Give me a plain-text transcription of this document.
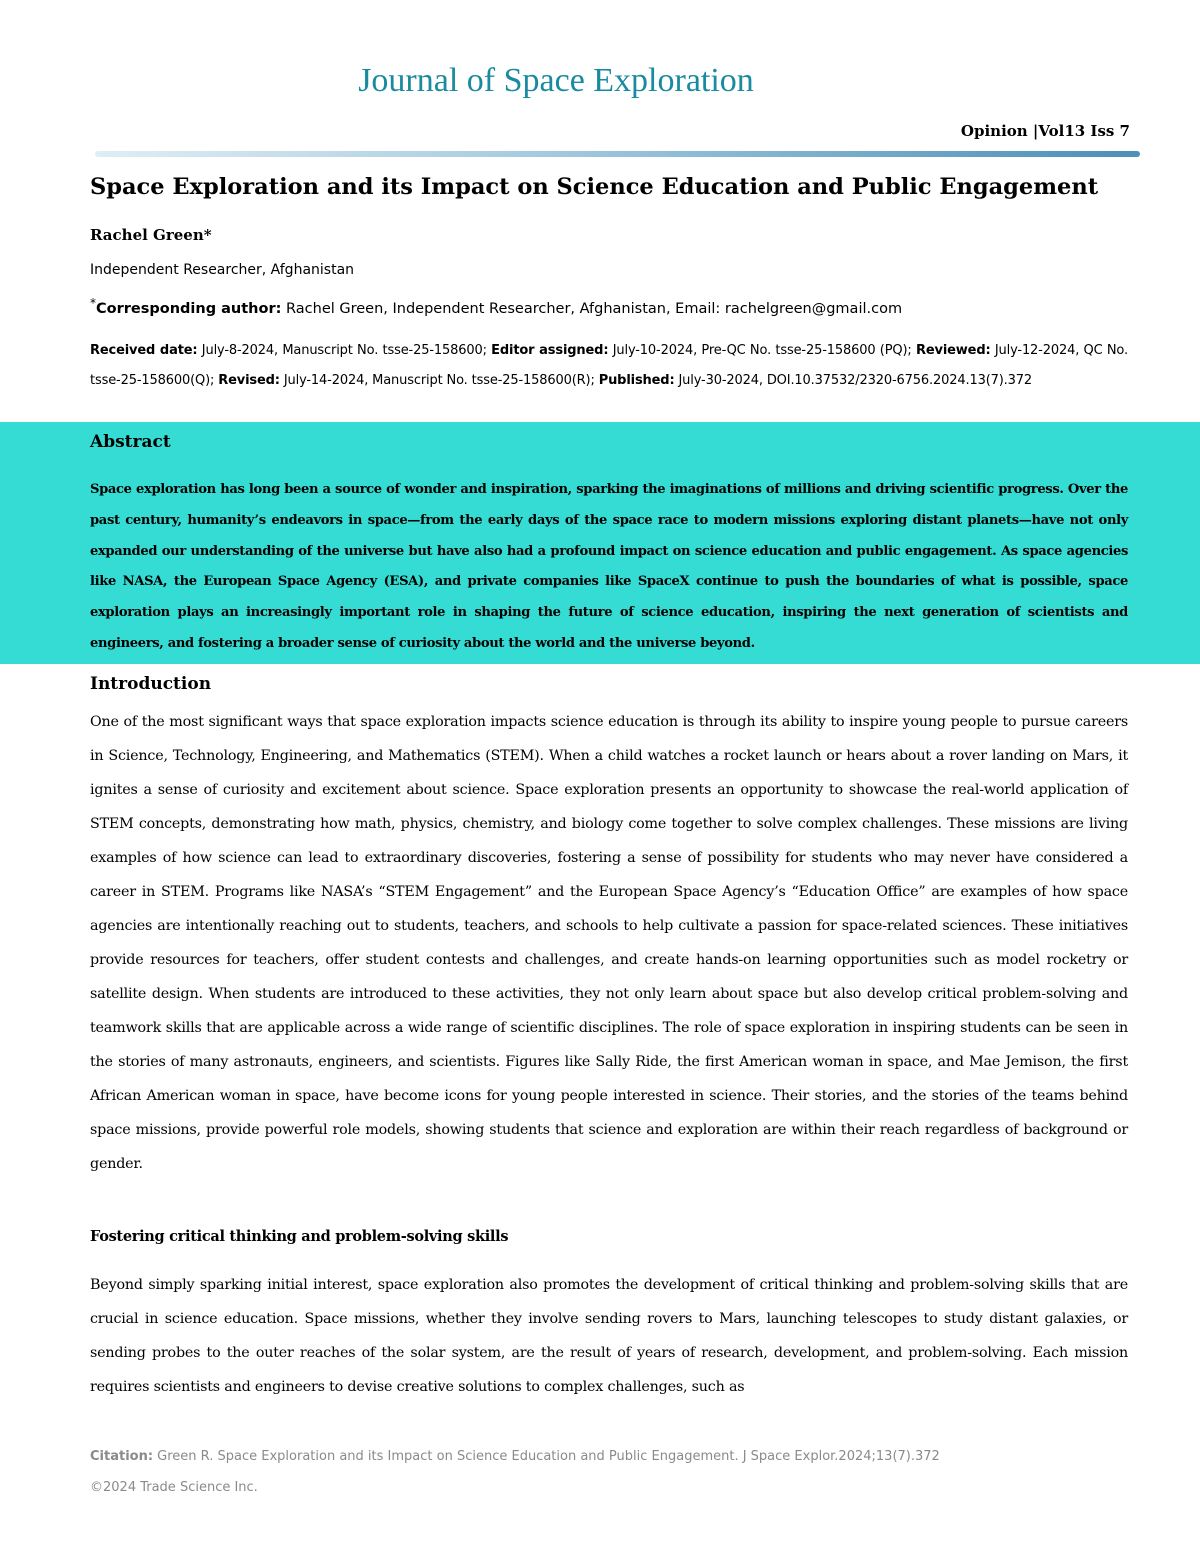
Journal of Space Exploration
Opinion |Vol13 Iss 7
Space Exploration and its Impact on Science Education and Public Engagement
Rachel Green*
Independent Researcher, Afghanistan
*Corresponding author: Rachel Green, Independent Researcher, Afghanistan, Email: rachelgreen@gmail.com
Received date: July-8-2024, Manuscript No. tsse-25-158600; Editor assigned: July-10-2024, Pre-QC No. tsse-25-158600 (PQ); Reviewed: July-12-2024, QC No. tsse-25-158600(Q); Revised: July-14-2024, Manuscript No. tsse-25-158600(R); Published: July-30-2024, DOI.10.37532/2320-6756.2024.13(7).372
Abstract
Space exploration has long been a source of wonder and inspiration, sparking the imaginations of millions and driving scientific progress. Over the past century, humanity’s endeavors in space—from the early days of the space race to modern missions exploring distant planets—have not only expanded our understanding of the universe but have also had a profound impact on science education and public engagement. As space agencies like NASA, the European Space Agency (ESA), and private companies like SpaceX continue to push the boundaries of what is possible, space exploration plays an increasingly important role in shaping the future of science education, inspiring the next generation of scientists and engineers, and fostering a broader sense of curiosity about the world and the universe beyond.
Introduction
One of the most significant ways that space exploration impacts science education is through its ability to inspire young people to pursue careers in Science, Technology, Engineering, and Mathematics (STEM). When a child watches a rocket launch or hears about a rover landing on Mars, it ignites a sense of curiosity and excitement about science. Space exploration presents an opportunity to showcase the real-world application of STEM concepts, demonstrating how math, physics, chemistry, and biology come together to solve complex challenges. These missions are living examples of how science can lead to extraordinary discoveries, fostering a sense of possibility for students who may never have considered a career in STEM. Programs like NASA’s “STEM Engagement” and the European Space Agency’s “Education Office” are examples of how space agencies are intentionally reaching out to students, teachers, and schools to help cultivate a passion for space-related sciences. These initiatives provide resources for teachers, offer student contests and challenges, and create hands-on learning opportunities such as model rocketry or satellite design. When students are introduced to these activities, they not only learn about space but also develop critical problem-solving and teamwork skills that are applicable across a wide range of scientific disciplines. The role of space exploration in inspiring students can be seen in the stories of many astronauts, engineers, and scientists. Figures like Sally Ride, the first American woman in space, and Mae Jemison, the first African American woman in space, have become icons for young people interested in science. Their stories, and the stories of the teams behind space missions, provide powerful role models, showing students that science and exploration are within their reach regardless of background or gender.
Fostering critical thinking and problem-solving skills
Beyond simply sparking initial interest, space exploration also promotes the development of critical thinking and problem-solving skills that are crucial in science education. Space missions, whether they involve sending rovers to Mars, launching telescopes to study distant galaxies, or sending probes to the outer reaches of the solar system, are the result of years of research, development, and problem-solving. Each mission requires scientists and engineers to devise creative solutions to complex challenges, such as
Citation: Green R. Space Exploration and its Impact on Science Education and Public Engagement. J Space Explor.2024;13(7).372
©2024 Trade Science Inc.
